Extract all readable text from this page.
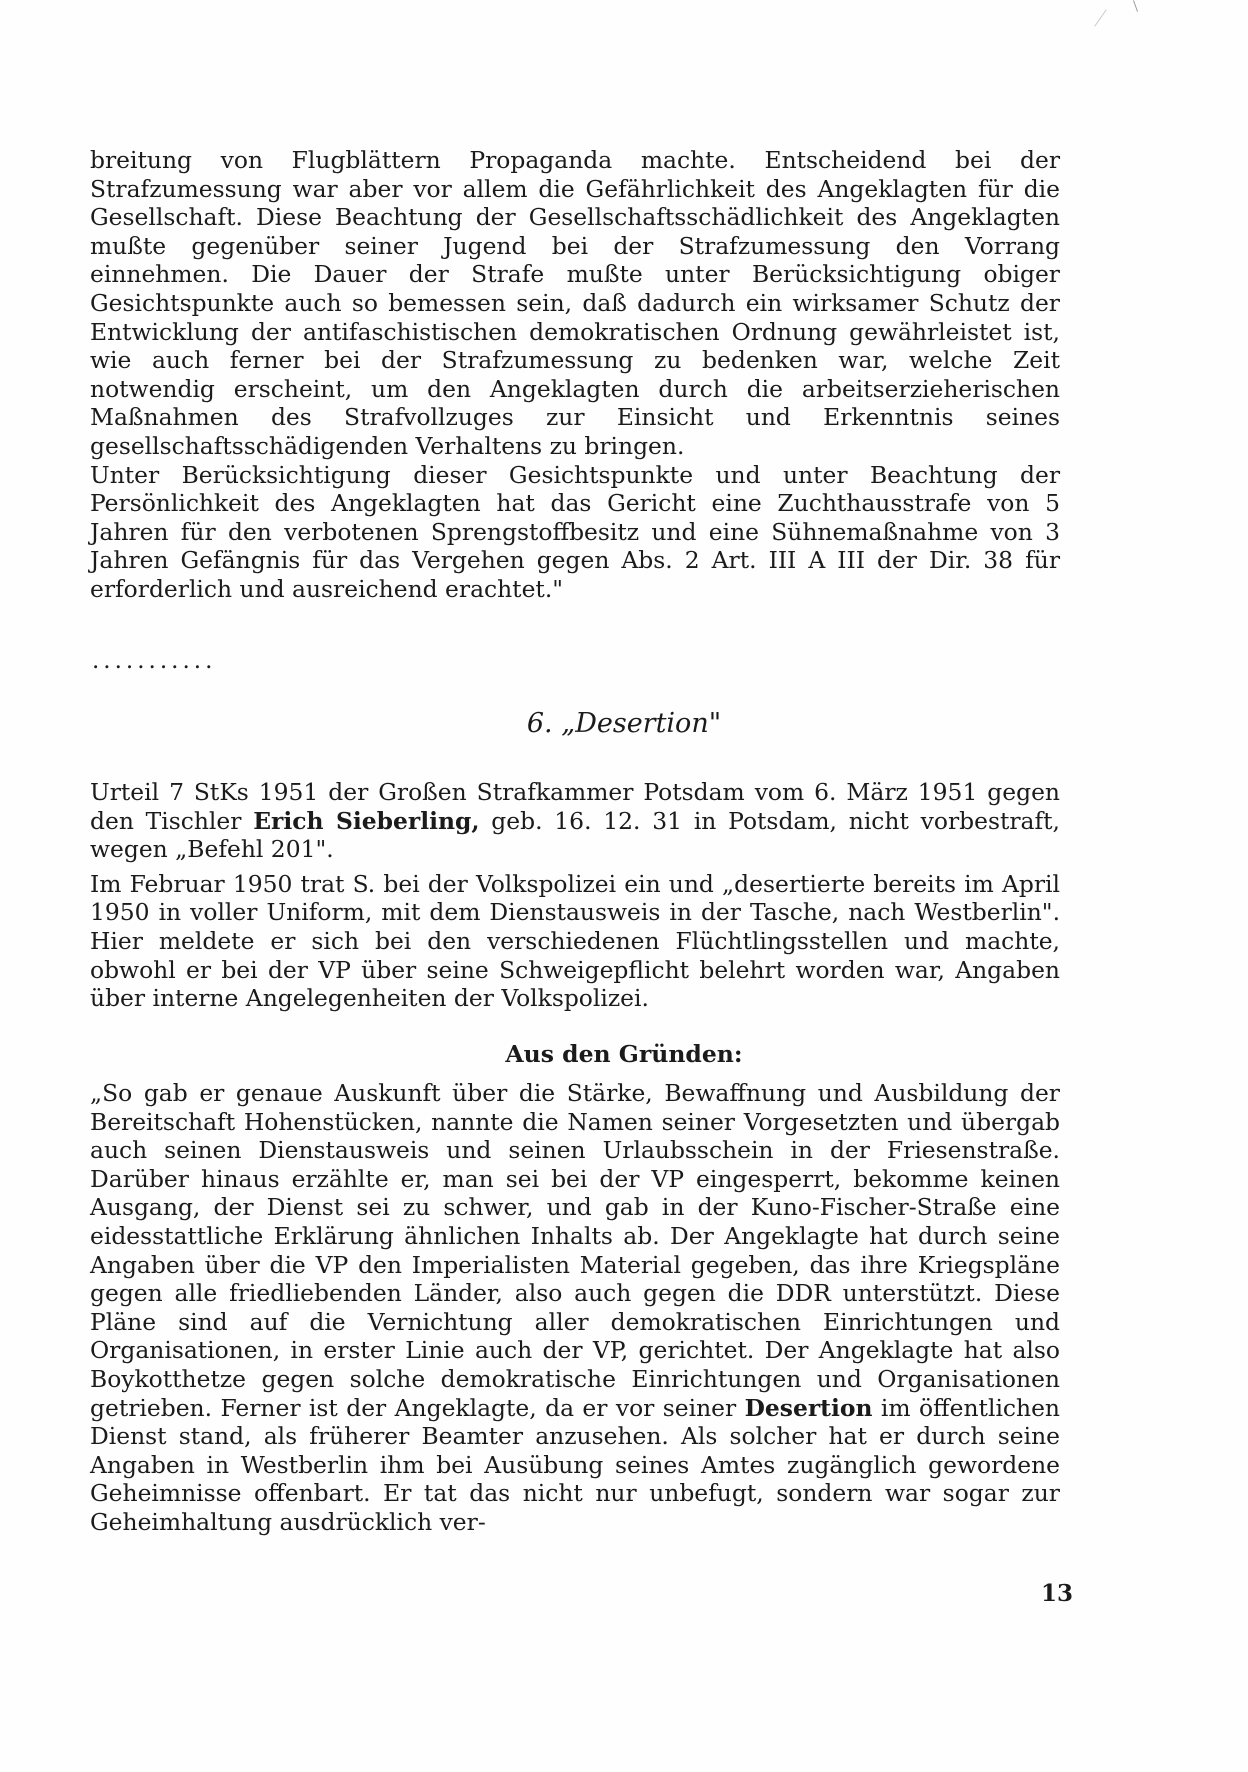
breitung von Flugblättern Propaganda machte. Entscheidend bei der Strafzumessung war aber vor allem die Gefährlichkeit des Angeklagten für die Gesellschaft. Diese Beachtung der Gesellschaftsschädlichkeit des Angeklagten mußte gegenüber seiner Jugend bei der Strafzumessung den Vorrang einnehmen. Die Dauer der Strafe mußte unter Berücksichtigung obiger Gesichtspunkte auch so bemessen sein, daß dadurch ein wirksamer Schutz der Entwicklung der antifaschistischen demokratischen Ordnung gewährleistet ist, wie auch ferner bei der Strafzumessung zu bedenken war, welche Zeit notwendig erscheint, um den Angeklagten durch die arbeitserzieherischen Maßnahmen des Strafvollzuges zur Einsicht und Erkenntnis seines gesellschaftsschädigenden Verhaltens zu bringen.

Unter Berücksichtigung dieser Gesichtspunkte und unter Beachtung der Persönlichkeit des Angeklagten hat das Gericht eine Zuchthausstrafe von 5 Jahren für den verbotenen Sprengstoffbesitz und eine Sühnemaßnahme von 3 Jahren Gefängnis für das Vergehen gegen Abs. 2 Art. III A III der Dir. 38 für erforderlich und ausreichend erachtet."

...........
6. „Desertion"

Urteil 7 StKs 1951 der Großen Strafkammer Potsdam vom 6. März 1951 gegen den Tischler Erich Sieberling, geb. 16. 12. 31 in Potsdam, nicht vorbestraft, wegen „Befehl 201".

Im Februar 1950 trat S. bei der Volkspolizei ein und „desertierte bereits im April 1950 in voller Uniform, mit dem Dienstausweis in der Tasche, nach Westberlin". Hier meldete er sich bei den verschiedenen Flüchtlingsstellen und machte, obwohl er bei der VP über seine Schweigepflicht belehrt worden war, Angaben über interne Angelegenheiten der Volkspolizei.

Aus den Gründen:

„So gab er genaue Auskunft über die Stärke, Bewaffnung und Ausbildung der Bereitschaft Hohenstücken, nannte die Namen seiner Vorgesetzten und übergab auch seinen Dienstausweis und seinen Urlaubsschein in der Friesenstraße. Darüber hinaus erzählte er, man sei bei der VP eingesperrt, bekomme keinen Ausgang, der Dienst sei zu schwer, und gab in der Kuno-Fischer-Straße eine eidesstattliche Erklärung ähnlichen Inhalts ab. Der Angeklagte hat durch seine Angaben über die VP den Imperialisten Material gegeben, das ihre Kriegspläne gegen alle friedliebenden Länder, also auch gegen die DDR unterstützt. Diese Pläne sind auf die Vernichtung aller demokratischen Einrichtungen und Organisationen, in erster Linie auch der VP, gerichtet. Der Angeklagte hat also Boykotthetze gegen solche demokratische Einrichtungen und Organisationen getrieben. Ferner ist der Angeklagte, da er vor seiner Desertion im öffentlichen Dienst stand, als früherer Beamter anzusehen. Als solcher hat er durch seine Angaben in Westberlin ihm bei Ausübung seines Amtes zugänglich gewordene Geheimnisse offenbart. Er tat das nicht nur unbefugt, sondern war sogar zur Geheimhaltung ausdrücklich ver-

13
